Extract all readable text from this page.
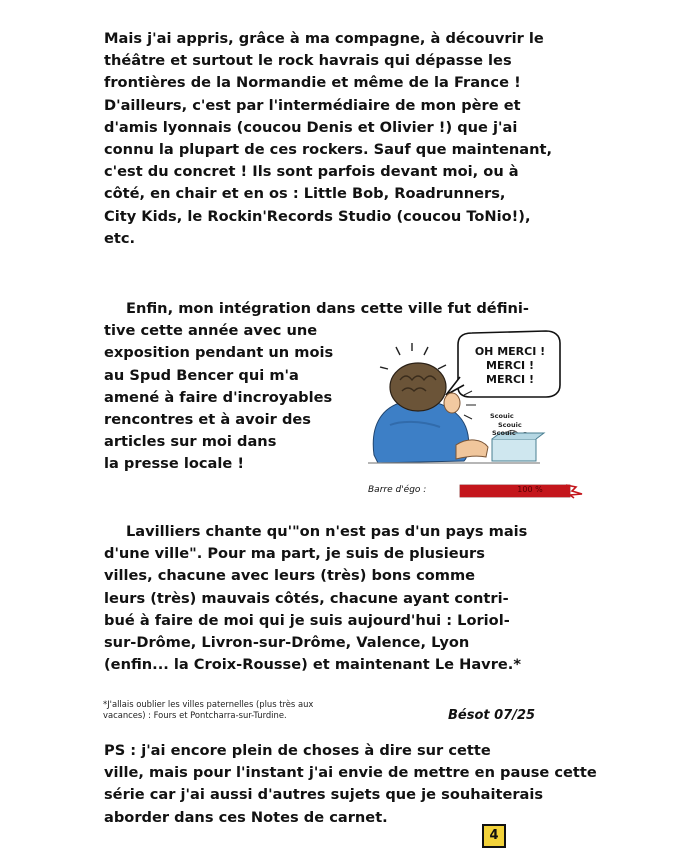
Mais j'ai appris, grâce à ma compagne, à découvrir le
théâtre et surtout le rock havrais qui dépasse les
frontières de la Normandie et même de la France !
D'ailleurs, c'est par l'intermédiaire de mon père et
d'amis lyonnais (coucou Denis et Olivier !) que j'ai
connu la plupart de ces rockers. Sauf que maintenant,
c'est du concret ! Ils sont parfois devant moi, ou à
côté, en chair et en os : Little Bob, Roadrunners,
City Kids, le Rockin'Records Studio (coucou ToNio!),
etc.
Enfin, mon intégration dans cette ville fut défini-
tive cette année avec une
exposition pendant un mois
au Spud Bencer qui m'a
amené à faire d'incroyables
rencontres et à avoir des
articles sur moi dans
la presse locale !
OH MERCI !
MERCI !
MERCI !
Scouic
Scouic
Scouic
Barre d'égo :	100 %
Lavilliers chante qu'"on n'est pas d'un pays mais
d'une ville". Pour ma part, je suis de plusieurs
villes, chacune avec leurs (très) bons comme
leurs (très) mauvais côtés, chacune ayant contri-
bué à faire de moi qui je suis aujourd'hui : Loriol-
sur-Drôme, Livron-sur-Drôme, Valence, Lyon
(enfin... la Croix-Rousse) et maintenant Le Havre.*
*J'allais oublier les villes paternelles (plus très aux
vacances) : Fours et Pontcharra-sur-Turdine.	Bésot 07/25
PS : j'ai encore plein de choses à dire sur cette
ville, mais pour l'instant j'ai envie de mettre en pause cette
série car j'ai aussi d'autres sujets que je souhaiterais
aborder dans ces Notes de carnet.
4
